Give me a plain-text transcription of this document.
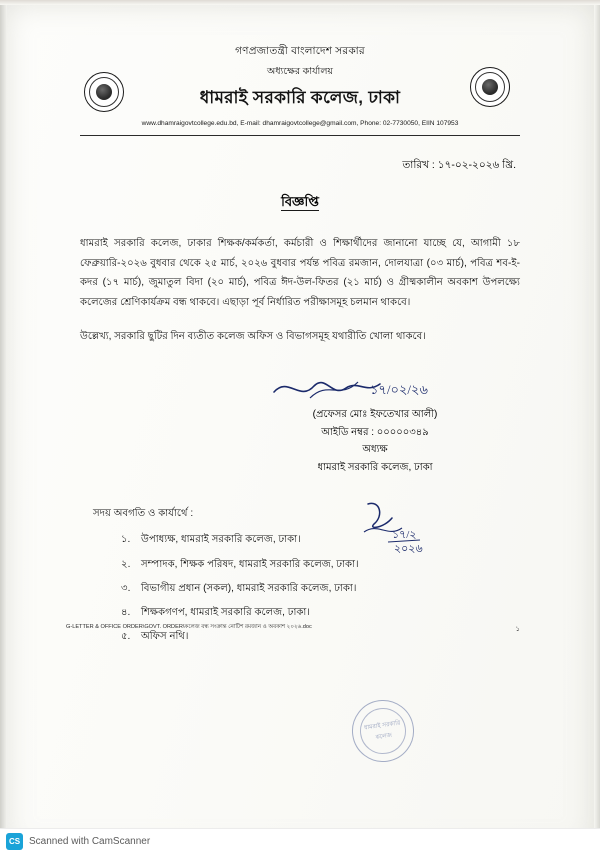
গণপ্রজাতন্ত্রী বাংলাদেশ সরকার
অধ্যক্ষের কার্যালয়
ধামরাই সরকারি কলেজ, ঢাকা
www.dhamraigovtcollege.edu.bd, E-mail: dhamraigovtcollege@gmail.com, Phone: 02-7730050, EIIN 107953
তারিখ : ১৭-০২-২০২৬ খ্রি.
বিজ্ঞপ্তি

ধামরাই সরকারি কলেজ, ঢাকার শিক্ষক/কর্মকর্তা, কর্মচারী ও শিক্ষার্থীদের জানানো যাচ্ছে যে, আগামী ১৮ ফেব্রুয়ারি-২০২৬ বুধবার থেকে ২৫ মার্চ, ২০২৬ বুধবার পর্যন্ত পবিত্র রমজান, দোলযাত্রা (০৩ মার্চ), পবিত্র শব-ই-কদর (১৭ মার্চ), জুমাতুল বিদা (২০ মার্চ), পবিত্র ঈদ-উল-ফিতর (২১ মার্চ) ও গ্রীষ্মকালীন অবকাশ উপলক্ষ্যে কলেজের শ্রেণিকার্যক্রম বন্ধ থাকবে। এছাড়া পূর্ব নির্ধারিত পরীক্ষাসমূহ চলমান থাকবে।

উল্লেখ্য, সরকারি ছুটির দিন ব্যতীত কলেজ অফিস ও বিভাগসমূহ যথারীতি খোলা থাকবে।

১৭/০২/২৬
(প্রফেসর মোঃ ইফতেখার আলী)
আইডি নম্বর : ০০০০০৩৪৯
অধ্যক্ষ
ধামরাই সরকারি কলেজ, ঢাকা
সদয় অবগতি ও কার্যার্থে :
১. উপাধ্যক্ষ, ধামরাই সরকারি কলেজ, ঢাকা।
২. সম্পাদক, শিক্ষক পরিষদ, ধামরাই সরকারি কলেজ, ঢাকা।
৩. বিভাগীয় প্রধান (সকল), ধামরাই সরকারি কলেজ, ঢাকা।
৪. শিক্ষকগণপ, ধামরাই সরকারি কলেজ, ঢাকা।
৫. অফিস নথি।
১৭/২
২০২৬
ধামরাই সরকারি কলেজ
G-LETTER & OFFICE ORDER\GOVT. ORDER\কলেজ বন্ধ সংক্রান্ত নোটিশ রমজান ও অবকাশ ২০২৬.doc	১
CS Scanned with CamScanner
